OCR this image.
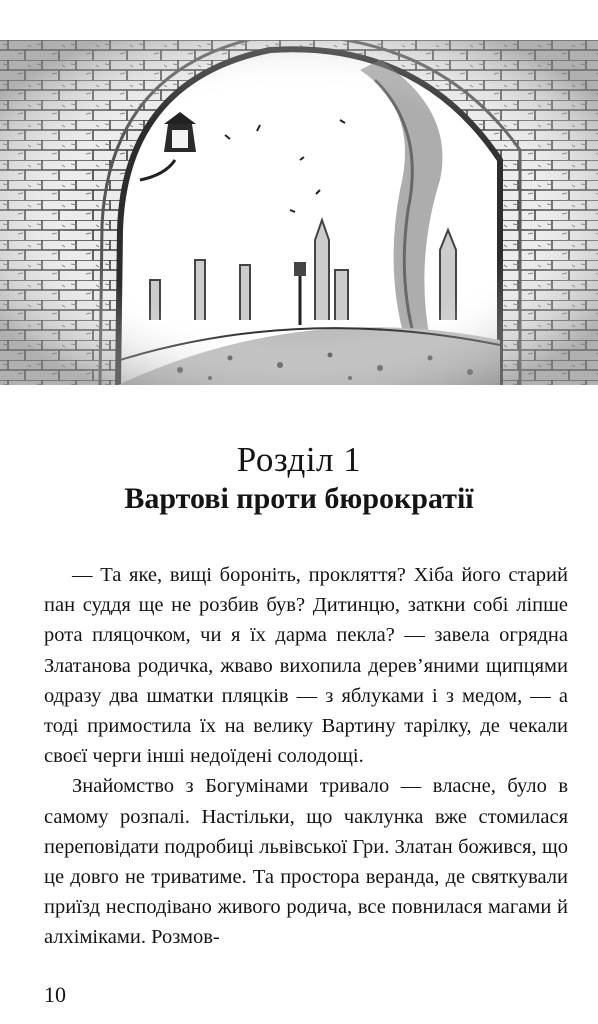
Розділ 1
Вартові проти бюрократії

— Та яке, вищі бороніть, прокляття? Хіба його старий пан суддя ще не розбив був? Дитинцю, заткни собі ліпше рота пляцочком, чи я їх дарма пекла? — завела огрядна Златанова родичка, жваво вихопила дерев’яними щипцями одразу два шматки пляцків — з яблуками і з медом, — а тоді примостила їх на велику Вартину тарілку, де чекали своєї черги інші недоїдені солодощі.

Знайомство з Богумінами тривало — власне, було в самому розпалі. Настільки, що чаклунка вже стомилася переповідати подробиці львівської Гри. Златан божився, що це довго не триватиме. Та простора веранда, де святкували приїзд несподівано живого родича, все повнилася магами й алхіміками. Розмов-

10
